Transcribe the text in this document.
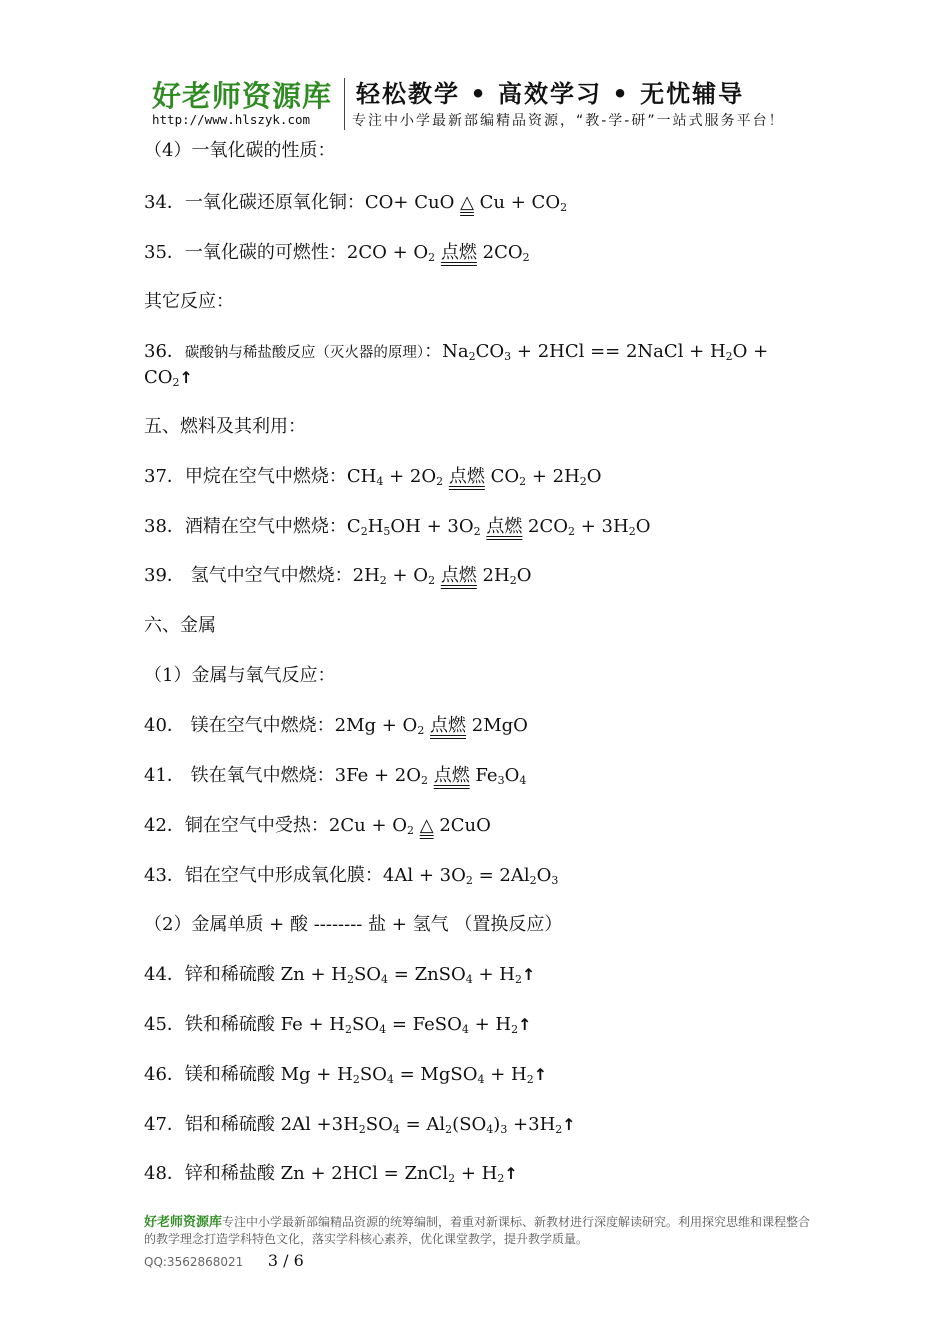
好老师资源库 轻松教学 • 高效学习 • 无忧辅导
http://www.hlszyk.com	专注中小学最新部编精品资源，“教-学-研”一站式服务平台！
（4）一氧化碳的性质：
34．一氧化碳还原氧化铜：CO+ CuO △ $Cu + CO_2$
35．一氧化碳的可燃性：$2CO + O_2$ 点燃 $2CO_2$
其它反应：
36．碳酸钠与稀盐酸反应（灭火器的原理）：$Na_2CO_3 + 2HCl$ == 2NaCl + $H_2O$ +
$CO_2↑$
五、燃料及其利用：
37．甲烷在空气中燃烧：$CH_4 + 2O_2$ 点燃 $CO_2 + 2H_2O$
38．酒精在空气中燃烧：$C_2H_5OH + 3O_2$ 点燃 $2CO_2 + 3H_2O$
39． 氢气中空气中燃烧：$2H_2 + O_2$ 点燃 $2H_2O$
六、金属
（1）金属与氧气反应：
40． 镁在空气中燃烧：$2Mg + O_2$ 点燃 2MgO
41． 铁在氧气中燃烧：$3Fe + 2O_2$ 点燃 $Fe_3O_4$
42．铜在空气中受热：$2Cu + O_2$ △ 2CuO
43．铝在空气中形成氧化膜：$4Al + 3O_2 = 2Al_2O_3$
（2）金属单质 + 酸 -------- 盐 + 氢气 （置换反应）
44．锌和稀硫酸 $Zn + H_2SO_4$ = ZnSO$_4$ + $H_2↑$
45．铁和稀硫酸 $Fe + H_2SO_4$ = FeSO$_4$ + $H_2↑$
46．镁和稀硫酸 $Mg + H_2SO_4$ = MgSO$_4$ + $H_2↑$
47．铝和稀硫酸 $2Al +3H_2SO_4 = Al_2(SO_4)_3$ $+3H_2↑$
48．锌和稀盐酸 Zn + 2HCl = ZnCl$_2$ + $H_2↑$
好老师资源库专注中小学最新部编精品资源的统筹编制，着重对新课标、新教材进行深度解读研究。利用探究思维和课程整合的教学理念打造学科特色文化，落实学科核心素养，优化课堂教学，提升教学质量。
QQ:3562868021 3 / 6
